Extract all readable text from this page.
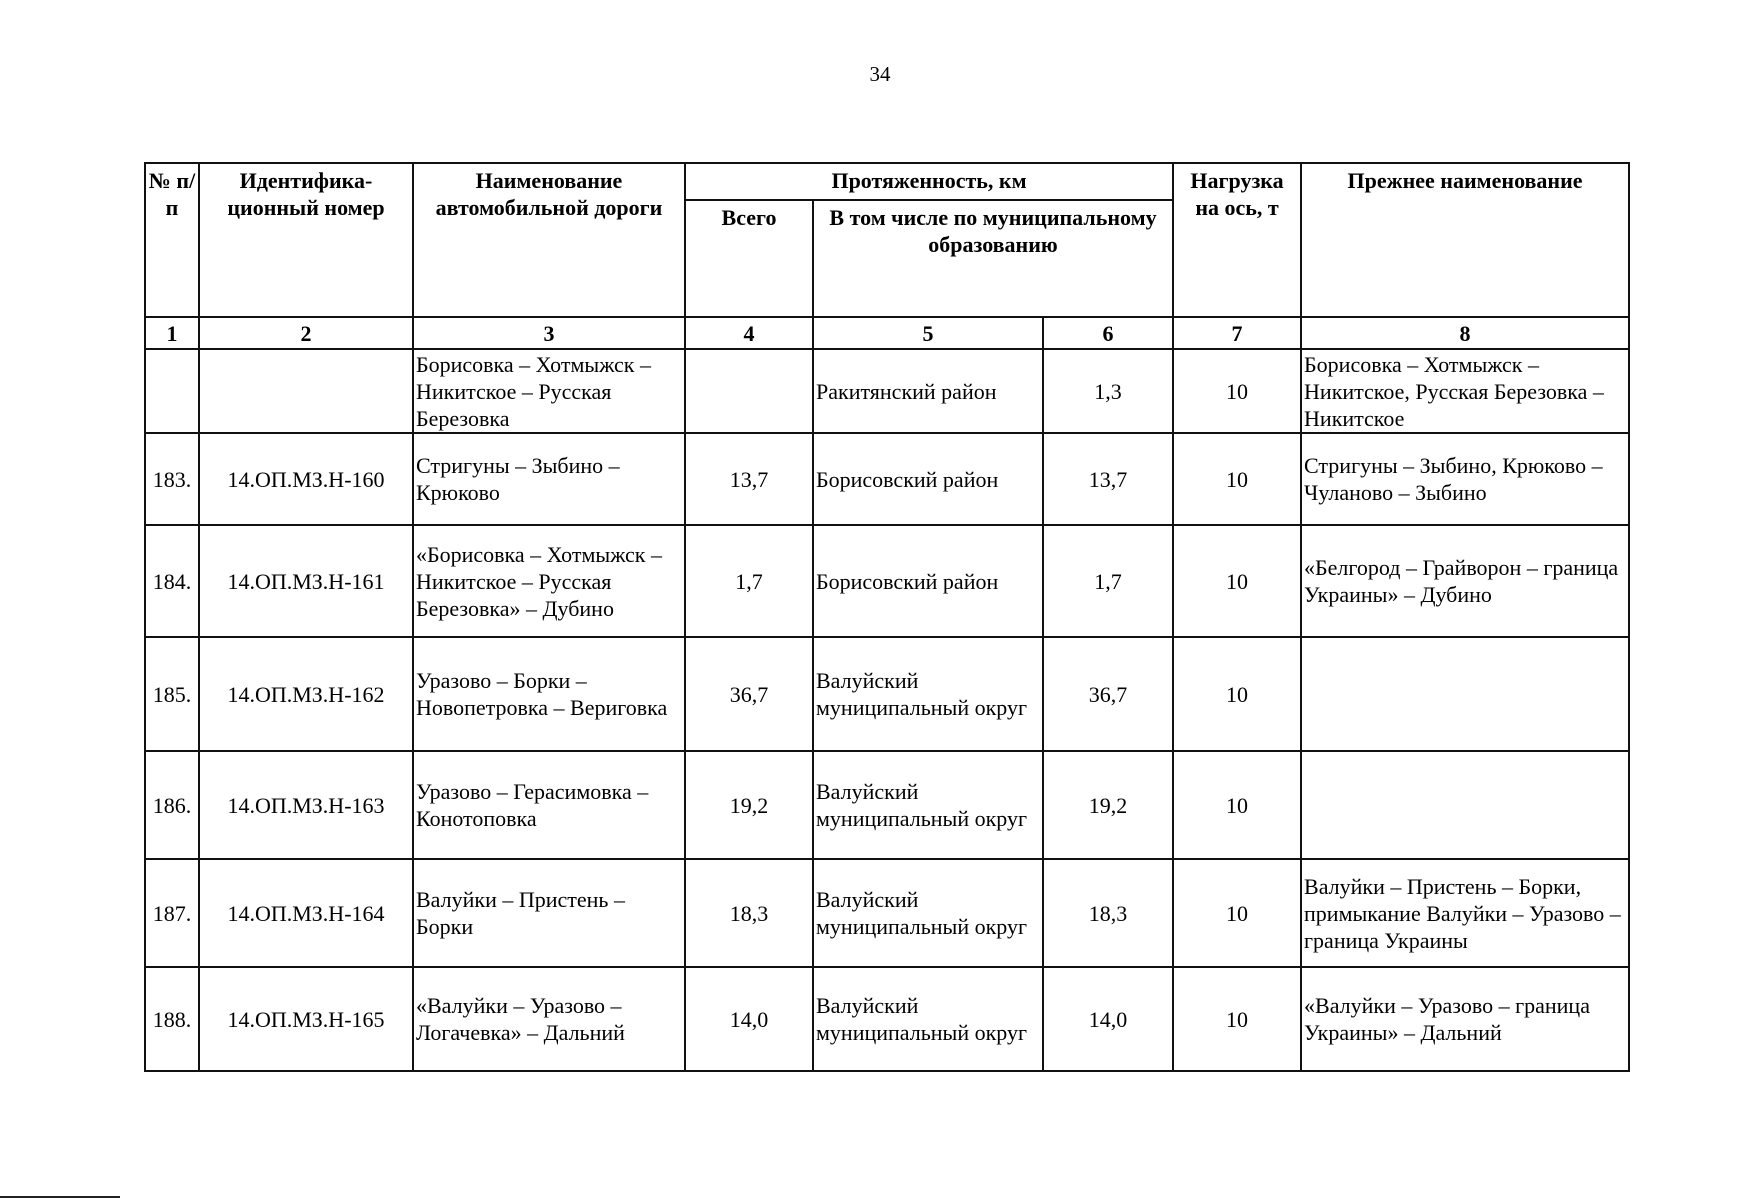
34
№ п/п	Идентифика-ционный номер	Наименование автомобильной дороги	Протяженность, км			Нагрузка на ось, т	Прежнее наименование
			Всего	В том числе по муниципальному образованию			
1	2	3	4	5	6	7	8
		Борисовка – Хотмыжск – Никитское – Русская Березовка		Ракитянский район	1,3	10	Борисовка – Хотмыжск – Никитское, Русская Березовка – Никитское
183.	14.ОП.МЗ.Н-160	Стригуны – Зыбино – Крюково	13,7	Борисовский район	13,7	10	Стригуны – Зыбино, Крюково – Чуланово – Зыбино
184.	14.ОП.МЗ.Н-161	«Борисовка – Хотмыжск – Никитское – Русская Березовка» – Дубино	1,7	Борисовский район	1,7	10	«Белгород – Грайворон – граница Украины» – Дубино
185.	14.ОП.МЗ.Н-162	Уразово – Борки – Новопетровка – Вериговка	36,7	Валуйский муниципальный округ	36,7	10	
186.	14.ОП.МЗ.Н-163	Уразово – Герасимовка – Конотоповка	19,2	Валуйский муниципальный округ	19,2	10	
187.	14.ОП.МЗ.Н-164	Валуйки – Пристень – Борки	18,3	Валуйский муниципальный округ	18,3	10	Валуйки – Пристень – Борки, примыкание Валуйки – Уразово – граница Украины
188.	14.ОП.МЗ.Н-165	«Валуйки – Уразово – Логачевка» – Дальний	14,0	Валуйский муниципальный округ	14,0	10	«Валуйки – Уразово – граница Украины» – Дальний
